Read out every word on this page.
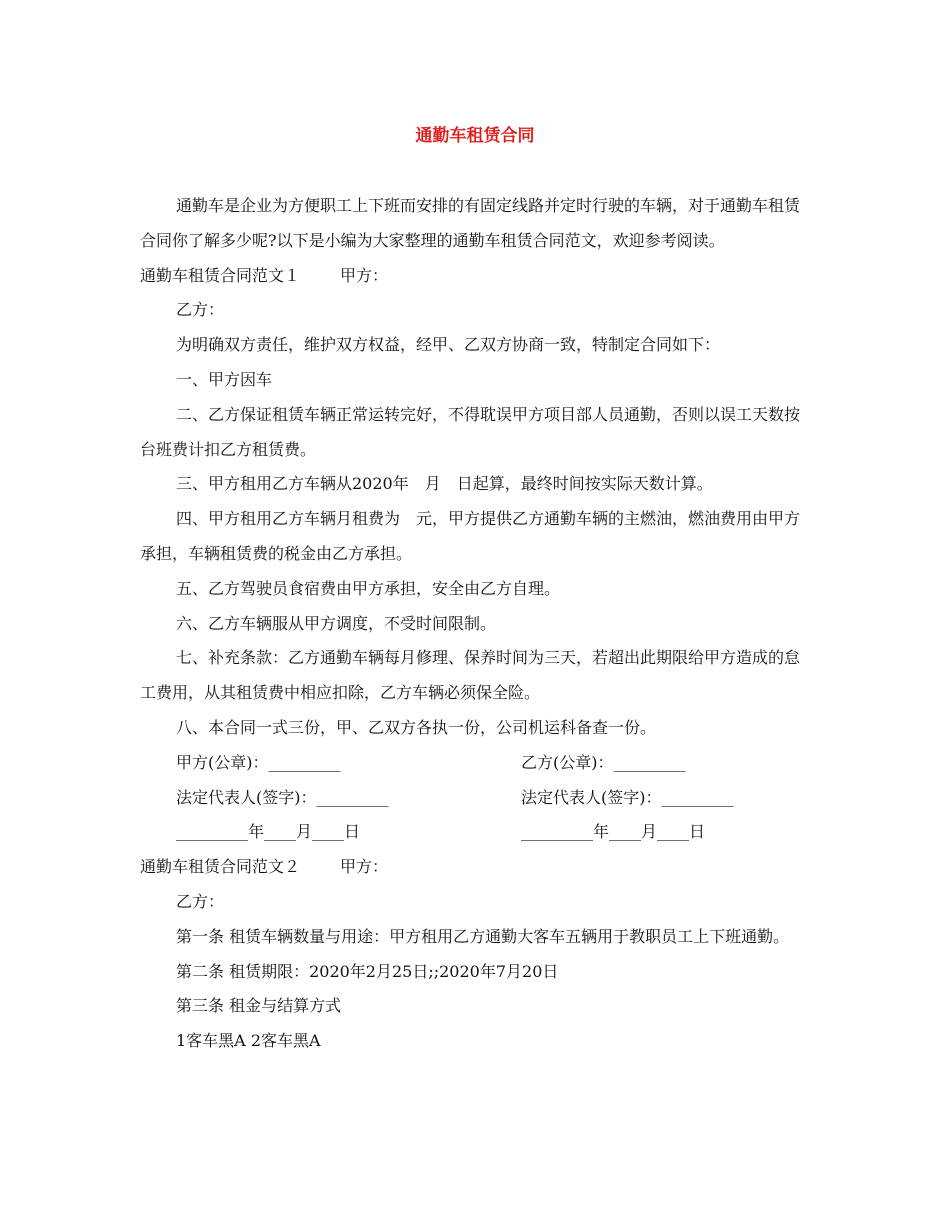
通勤车租赁合同

通勤车是企业为方便职工上下班而安排的有固定线路并定时行驶的车辆，对于通勤车租赁合同你了解多少呢?以下是小编为大家整理的通勤车租赁合同范文，欢迎参考阅读。

通勤车租赁合同范文１	甲方：

乙方：

为明确双方责任，维护双方权益，经甲、乙双方协商一致，特制定合同如下：

一、甲方因车

二、乙方保证租赁车辆正常运转完好，不得耽误甲方项目部人员通勤，否则以误工天数按台班费计扣乙方租赁费。

三、甲方租用乙方车辆从2020年　月　日起算，最终时间按实际天数计算。

四、甲方租用乙方车辆月租费为　元，甲方提供乙方通勤车辆的主燃油，燃油费用由甲方承担，车辆租赁费的税金由乙方承担。

五、乙方驾驶员食宿费由甲方承担，安全由乙方自理。

六、乙方车辆服从甲方调度，不受时间限制。

七、补充条款：乙方通勤车辆每月修理、保养时间为三天，若超出此期限给甲方造成的怠工费用，从其租赁费中相应扣除，乙方车辆必须保全险。

八、本合同一式三份，甲、乙双方各执一份，公司机运科备查一份。

甲方(公章)：_________	乙方(公章)：_________
法定代表人(签字)：_________	法定代表人(签字)：_________
_________年____月____日	_________年____月____日

通勤车租赁合同范文２	甲方：

乙方：

第一条 租赁车辆数量与用途：甲方租用乙方通勤大客车五辆用于教职员工上下班通勤。

第二条 租赁期限：2020年2月25日;;2020年7月20日

第三条 租金与结算方式

1客车黑A 2客车黑A
